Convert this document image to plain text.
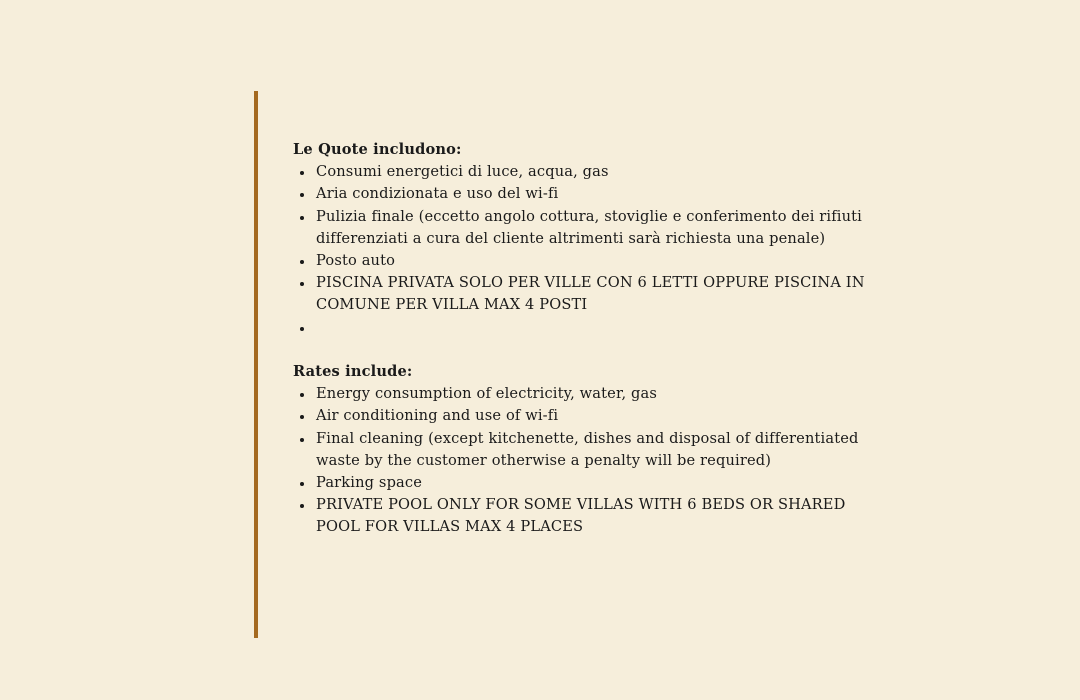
Le Quote includono:

Consumi energetici di luce, acqua, gas
Aria condizionata e uso del wi-fi
Pulizia finale (eccetto angolo cottura, stoviglie e conferimento dei rifiuti differenziati a cura del cliente altrimenti sarà richiesta una penale)
Posto auto
PISCINA PRIVATA SOLO PER VILLE CON 6 LETTI OPPURE PISCINA IN COMUNE PER VILLA MAX 4 POSTI

Rates include:

Energy consumption of electricity, water, gas
Air conditioning and use of wi-fi
Final cleaning (except kitchenette, dishes and disposal of differentiated waste by the customer otherwise a penalty will be required)
Parking space
PRIVATE POOL ONLY FOR SOME VILLAS WITH 6 BEDS OR SHARED POOL FOR VILLAS MAX 4 PLACES
